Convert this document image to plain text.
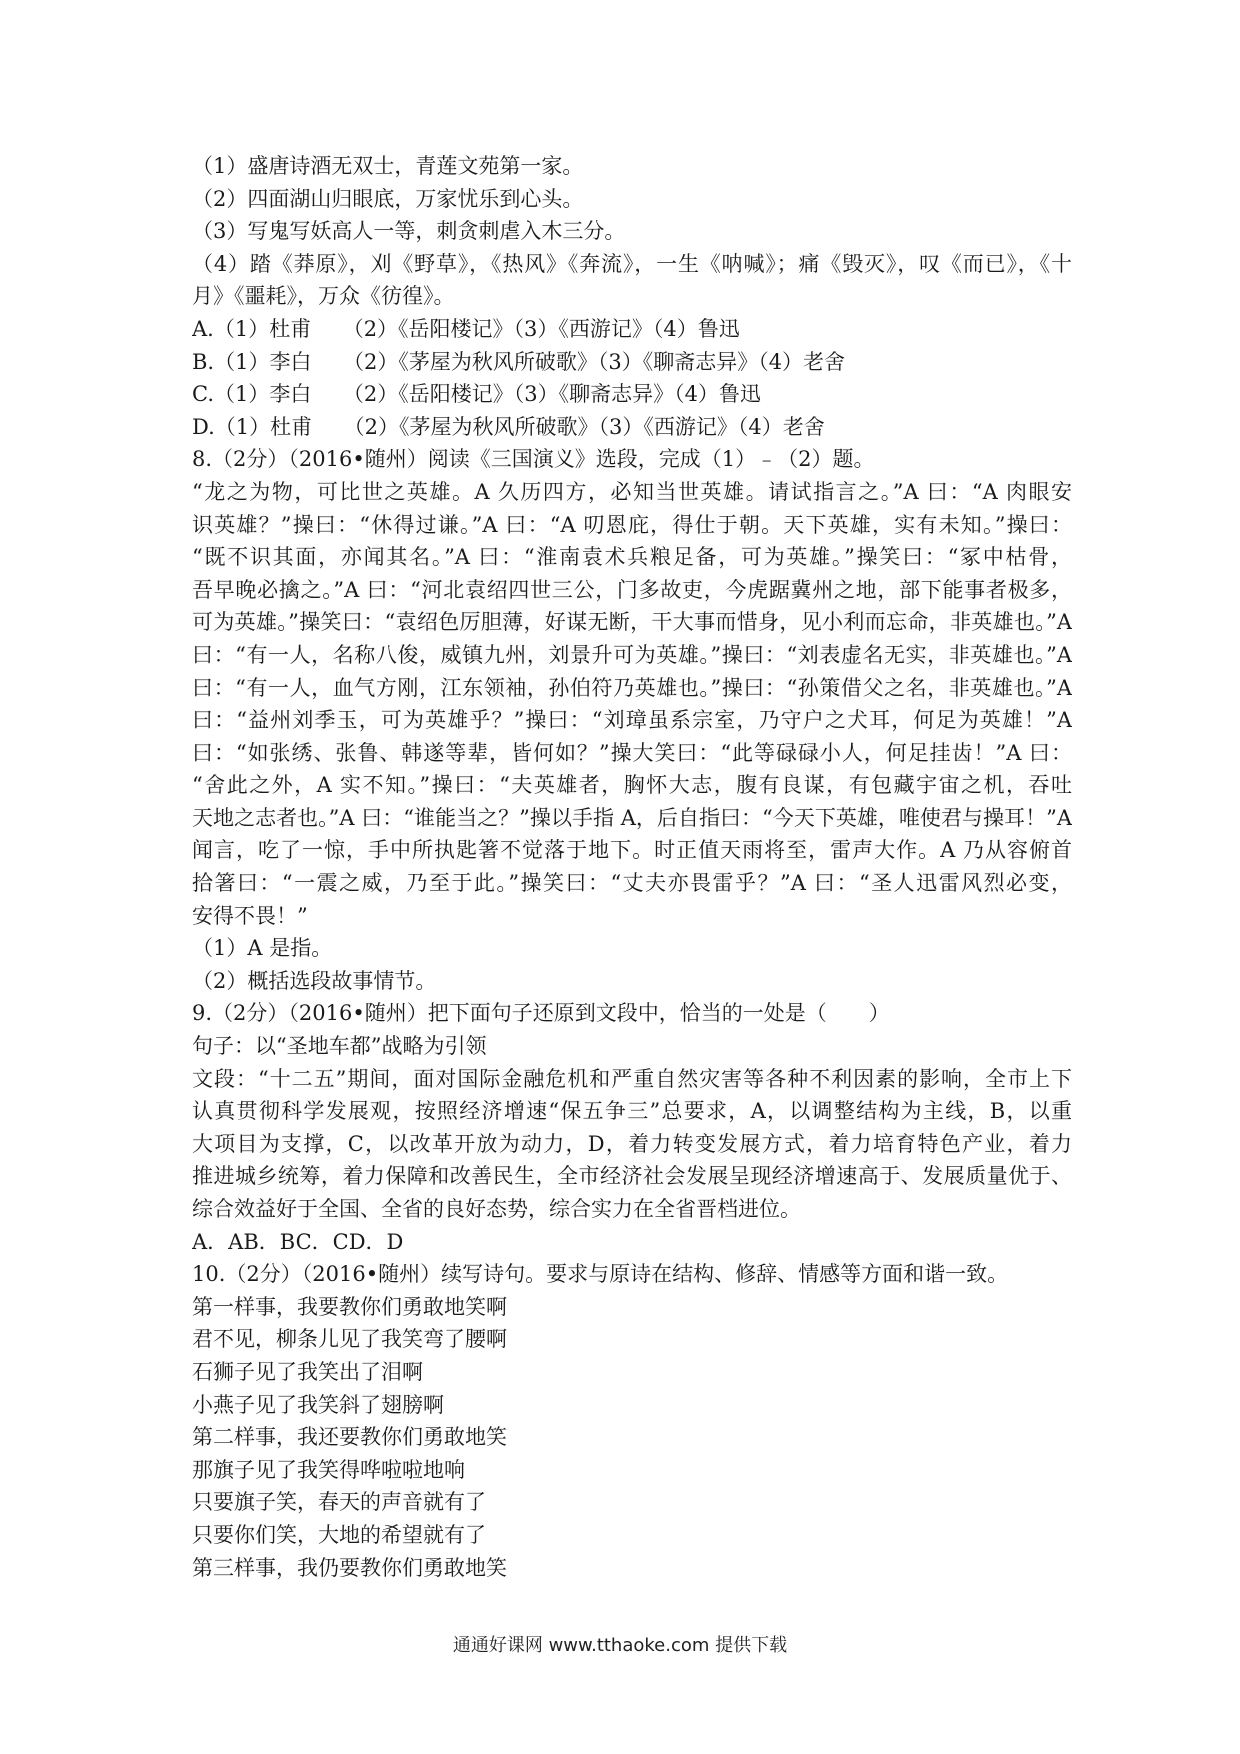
（1）盛唐诗酒无双士，青莲文苑第一家。
（2）四面湖山归眼底，万家忧乐到心头。
（3）写鬼写妖高人一等，刺贪刺虐入木三分。
（4）踏《莽原》，刈《野草》，《热风》《奔流》，一生《呐喊》；痛《毁灭》，叹《而已》，《十
月》《噩耗》，万众《彷徨》。
A.（1）杜甫　　（2）《岳阳楼记》（3）《西游记》（4）鲁迅
B.（1）李白　　（2）《茅屋为秋风所破歌》（3）《聊斋志异》（4）老舍
C.（1）李白　　（2）《岳阳楼记》（3）《聊斋志异》（4）鲁迅
D.（1）杜甫　　（2）《茅屋为秋风所破歌》（3）《西游记》（4）老舍
8.（2分）（2016•随州）阅读《三国演义》选段，完成（1）﹣（2）题。
“龙之为物，可比世之英雄。A 久历四方，必知当世英雄。请试指言之。”A 曰：“A 肉眼安
识英雄？”操曰：“休得过谦。”A 曰：“A 叨恩庇，得仕于朝。天下英雄，实有未知。”操曰：
“既不识其面，亦闻其名。”A 曰：“淮南袁术兵粮足备，可为英雄。”操笑曰：“冢中枯骨，
吾早晚必擒之。”A 曰：“河北袁绍四世三公，门多故吏，今虎踞冀州之地，部下能事者极多，
可为英雄。”操笑曰：“袁绍色厉胆薄，好谋无断，干大事而惜身，见小利而忘命，非英雄也。”A
曰：“有一人，名称八俊，威镇九州，刘景升可为英雄。”操曰：“刘表虚名无实，非英雄也。”A
曰：“有一人，血气方刚，江东领袖，孙伯符乃英雄也。”操曰：“孙策借父之名，非英雄也。”A
曰：“益州刘季玉，可为英雄乎？”操曰：“刘璋虽系宗室，乃守户之犬耳，何足为英雄！”A
曰：“如张绣、张鲁、韩遂等辈，皆何如？”操大笑曰：“此等碌碌小人，何足挂齿！”A 曰：
“舍此之外，A 实不知。”操曰：“夫英雄者，胸怀大志，腹有良谋，有包藏宇宙之机，吞吐
天地之志者也。”A 曰：“谁能当之？”操以手指 A，后自指曰：“今天下英雄，唯使君与操耳！”A
闻言，吃了一惊，手中所执匙箸不觉落于地下。时正值天雨将至，雷声大作。A 乃从容俯首
拾箸曰：“一震之威，乃至于此。”操笑曰：“丈夫亦畏雷乎？”A 曰：“圣人迅雷风烈必变，
安得不畏！”
（1）A 是指。
（2）概括选段故事情节。
9.（2分）（2016•随州）把下面句子还原到文段中，恰当的一处是（　　）
句子：以“圣地车都”战略为引领
文段：“十二五”期间，面对国际金融危机和严重自然灾害等各种不利因素的影响，全市上下
认真贯彻科学发展观，按照经济增速“保五争三”总要求，A，以调整结构为主线，B，以重
大项目为支撑，C，以改革开放为动力，D，着力转变发展方式，着力培育特色产业，着力
推进城乡统筹，着力保障和改善民生，全市经济社会发展呈现经济增速高于、发展质量优于、
综合效益好于全国、全省的良好态势，综合实力在全省晋档进位。
A．AB．BC．CD．D
10.（2分）（2016•随州）续写诗句。要求与原诗在结构、修辞、情感等方面和谐一致。
第一样事，我要教你们勇敢地笑啊
君不见，柳条儿见了我笑弯了腰啊
石狮子见了我笑出了泪啊
小燕子见了我笑斜了翅膀啊
第二样事，我还要教你们勇敢地笑
那旗子见了我笑得哗啦啦地响
只要旗子笑，春天的声音就有了
只要你们笑，大地的希望就有了
第三样事，我仍要教你们勇敢地笑
通通好课网 www.tthaoke.com 提供下载
